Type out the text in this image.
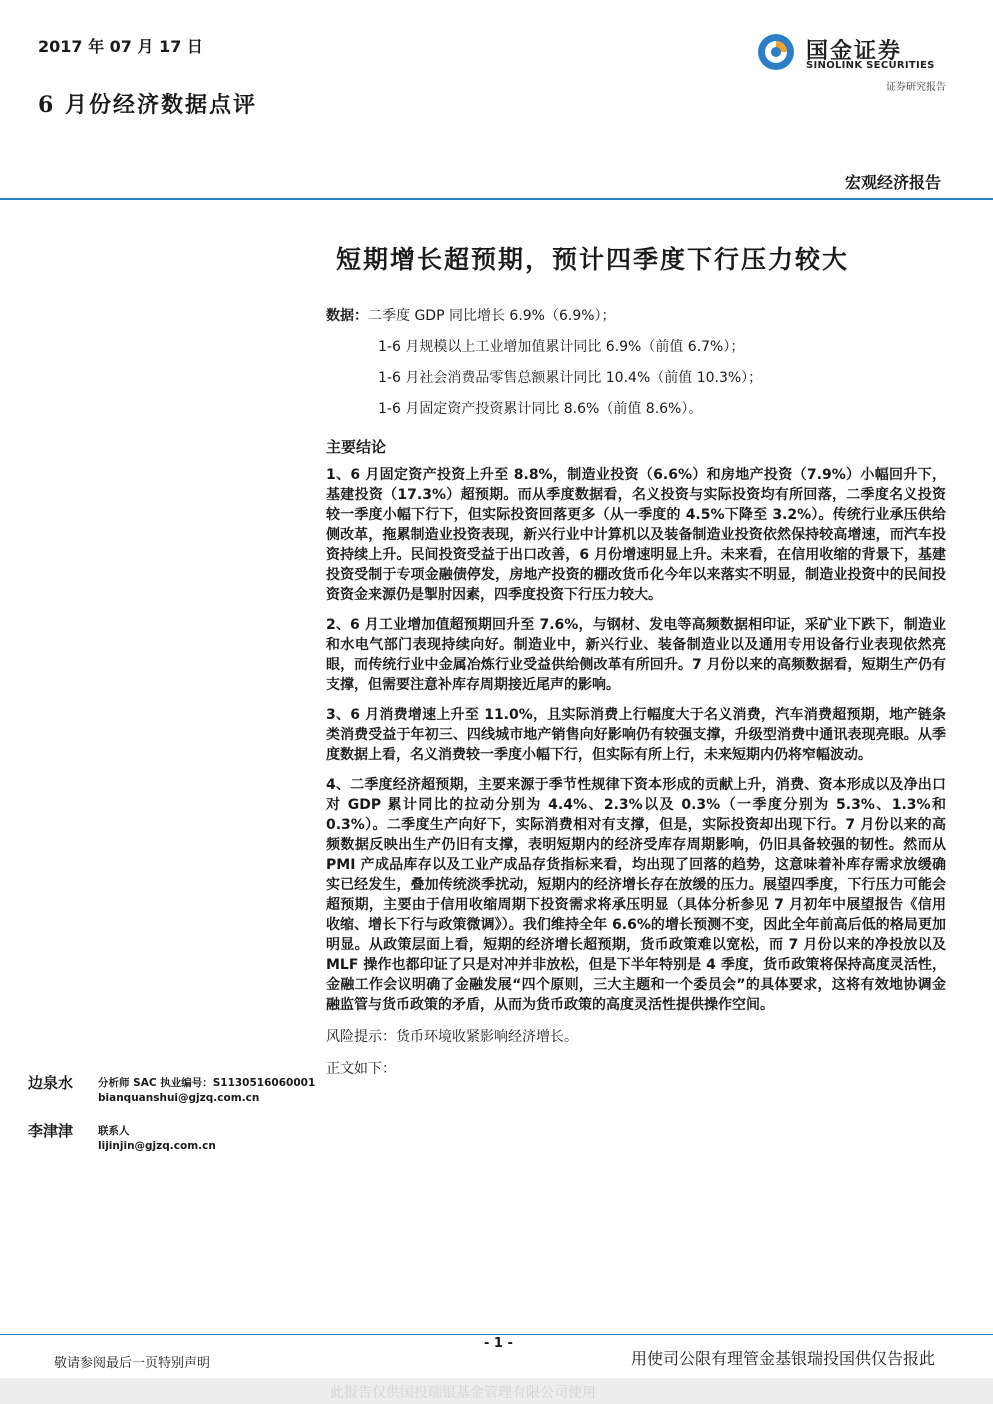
2017 年 07 月 17 日
6 月份经济数据点评
国金证券
SINOLINK SECURITIES
证券研究报告
宏观经济报告
短期增长超预期，预计四季度下行压力较大
数据：二季度 GDP 同比增长 6.9%（6.9%）；
1-6 月规模以上工业增加值累计同比 6.9%（前值 6.7%）；
1-6 月社会消费品零售总额累计同比 10.4%（前值 10.3%）；
1-6 月固定资产投资累计同比 8.6%（前值 8.6%）。
主要结论

1、6 月固定资产投资上升至 8.8%，制造业投资（6.6%）和房地产投资（7.9%）小幅回升下，基建投资（17.3%）超预期。而从季度数据看，名义投资与实际投资均有所回落，二季度名义投资较一季度小幅下行下，但实际投资回落更多（从一季度的 4.5%下降至 3.2%）。传统行业承压供给侧改革，拖累制造业投资表现，新兴行业中计算机以及装备制造业投资依然保持较高增速，而汽车投资持续上升。民间投资受益于出口改善，6 月份增速明显上升。未来看，在信用收缩的背景下，基建投资受制于专项金融债停发，房地产投资的棚改货币化今年以来落实不明显，制造业投资中的民间投资资金来源仍是掣肘因素，四季度投资下行压力较大。

2、6 月工业增加值超预期回升至 7.6%，与钢材、发电等高频数据相印证，采矿业下跌下，制造业和水电气部门表现持续向好。制造业中，新兴行业、装备制造业以及通用专用设备行业表现依然亮眼，而传统行业中金属冶炼行业受益供给侧改革有所回升。7 月份以来的高频数据看，短期生产仍有支撑，但需要注意补库存周期接近尾声的影响。

3、6 月消费增速上升至 11.0%，且实际消费上行幅度大于名义消费，汽车消费超预期，地产链条类消费受益于年初三、四线城市地产销售向好影响仍有较强支撑，升级型消费中通讯表现亮眼。从季度数据上看，名义消费较一季度小幅下行，但实际有所上行，未来短期内仍将窄幅波动。

4、二季度经济超预期，主要来源于季节性规律下资本形成的贡献上升，消费、资本形成以及净出口对 GDP 累计同比的拉动分别为 4.4%、2.3%以及 0.3%（一季度分别为 5.3%、1.3%和 0.3%）。二季度生产向好下，实际消费相对有支撑，但是，实际投资却出现下行。7 月份以来的高频数据反映出生产仍旧有支撑，表明短期内的经济受库存周期影响，仍旧具备较强的韧性。然而从 PMI 产成品库存以及工业产成品存货指标来看，均出现了回落的趋势，这意味着补库存需求放缓确实已经发生，叠加传统淡季扰动，短期内的经济增长存在放缓的压力。展望四季度，下行压力可能会超预期，主要由于信用收缩周期下投资需求将承压明显（具体分析参见 7 月初年中展望报告《信用收缩、增长下行与政策微调》）。我们维持全年 6.6%的增长预测不变，因此全年前高后低的格局更加明显。从政策层面上看，短期的经济增长超预期，货币政策难以宽松，而 7 月份以来的净投放以及 MLF 操作也都印证了只是对冲并非放松，但是下半年特别是 4 季度，货币政策将保持高度灵活性，金融工作会议明确了金融发展“四个原则，三大主题和一个委员会”的具体要求，这将有效地协调金融监管与货币政策的矛盾，从而为货币政策的高度灵活性提供操作空间。

风险提示：货币环境收紧影响经济增长。

正文如下：

边泉水 分析师 SAC 执业编号：S1130516060001
bianquanshui@gjzq.com.cn
李津津 联系人
lijinjin@gjzq.com.cn
- 1 -
敬请参阅最后一页特别声明	用使司公限有理管金基银瑞投国供仅告报此
此报告仅供国投瑞银基金管理有限公司使用
